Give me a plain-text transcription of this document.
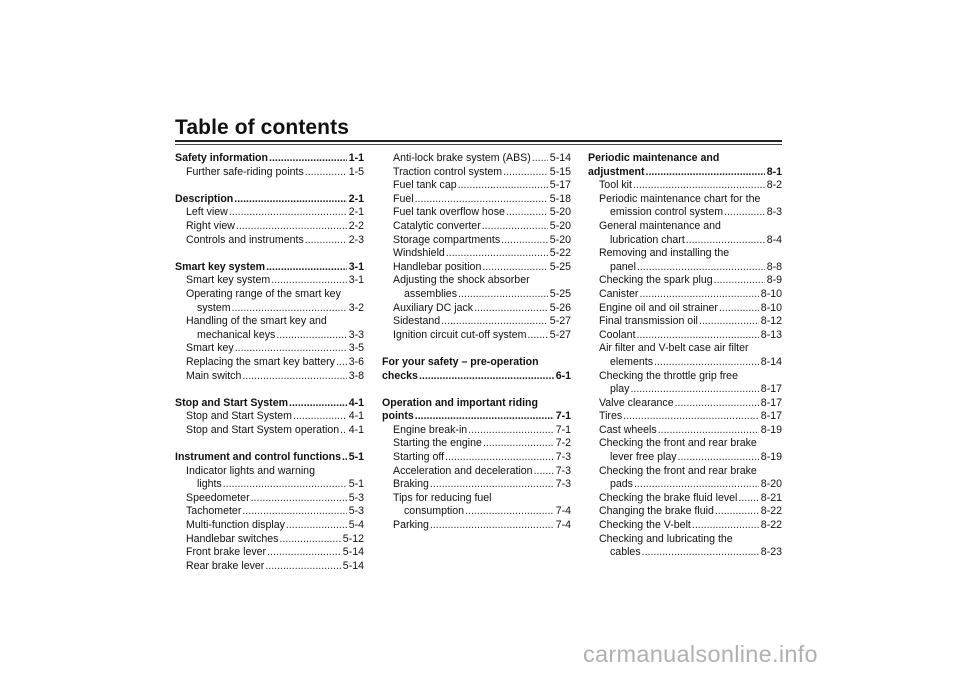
Table of contents
Safety information .....	1-1
Further safe-riding points .....	1-5
Description .....	2-1
Left view .....	2-1
Right view .....	2-2
Controls and instruments .....	2-3
Smart key system .....	3-1
Smart key system .....	3-1
Operating range of the smart key
system .....	3-2
Handling of the smart key and
mechanical keys .....	3-3
Smart key .....	3-5
Replacing the smart key battery ..... 3-6
Main switch .....	3-8
Stop and Start System .....	4-1
Stop and Start System .....	4-1
Stop and Start System operation ..... 4-1
Instrument and control functions ..... 5-1
Indicator lights and warning
lights .....	5-1
Speedometer .....	5-3
Tachometer .....	5-3
Multi-function display .....	5-4
Handlebar switches .....	5-12
Front brake lever .....	5-14
Rear brake lever .....	5-14
Anti-lock brake system (ABS) ..... 5-14
Traction control system .....	5-15
Fuel tank cap .....	5-17
Fuel .....	5-18
Fuel tank overflow hose .....	5-20
Catalytic converter .....	5-20
Storage compartments .....	5-20
Windshield .....	5-22
Handlebar position .....	5-25
Adjusting the shock absorber
assemblies .....	5-25
Auxiliary DC jack .....	5-26
Sidestand .....	5-27
Ignition circuit cut-off system ..... 5-27
For your safety – pre-operation
checks .....	6-1
Operation and important riding
points .....	7-1
Engine break-in .....	7-1
Starting the engine .....	7-2
Starting off .....	7-3
Acceleration and deceleration ..... 7-3
Braking .....	7-3
Tips for reducing fuel
consumption .....	7-4
Parking .....	7-4
Periodic maintenance and
adjustment .....	8-1
Tool kit .....	8-2
Periodic maintenance chart for the
emission control system .....	8-3
General maintenance and
lubrication chart .....	8-4
Removing and installing the
panel .....	8-8
Checking the spark plug .....	8-9
Canister .....	8-10
Engine oil and oil strainer .....	8-10
Final transmission oil .....	8-12
Coolant .....	8-13
Air filter and V-belt case air filter
elements .....	8-14
Checking the throttle grip free
play .....	8-17
Valve clearance .....	8-17
Tires .....	8-17
Cast wheels .....	8-19
Checking the front and rear brake
lever free play .....	8-19
Checking the front and rear brake
pads .....	8-20
Checking the brake fluid level ..... 8-21
Changing the brake fluid .....	8-22
Checking the V-belt .....	8-22
Checking and lubricating the
cables .....	8-23
carmanualsonline.info
